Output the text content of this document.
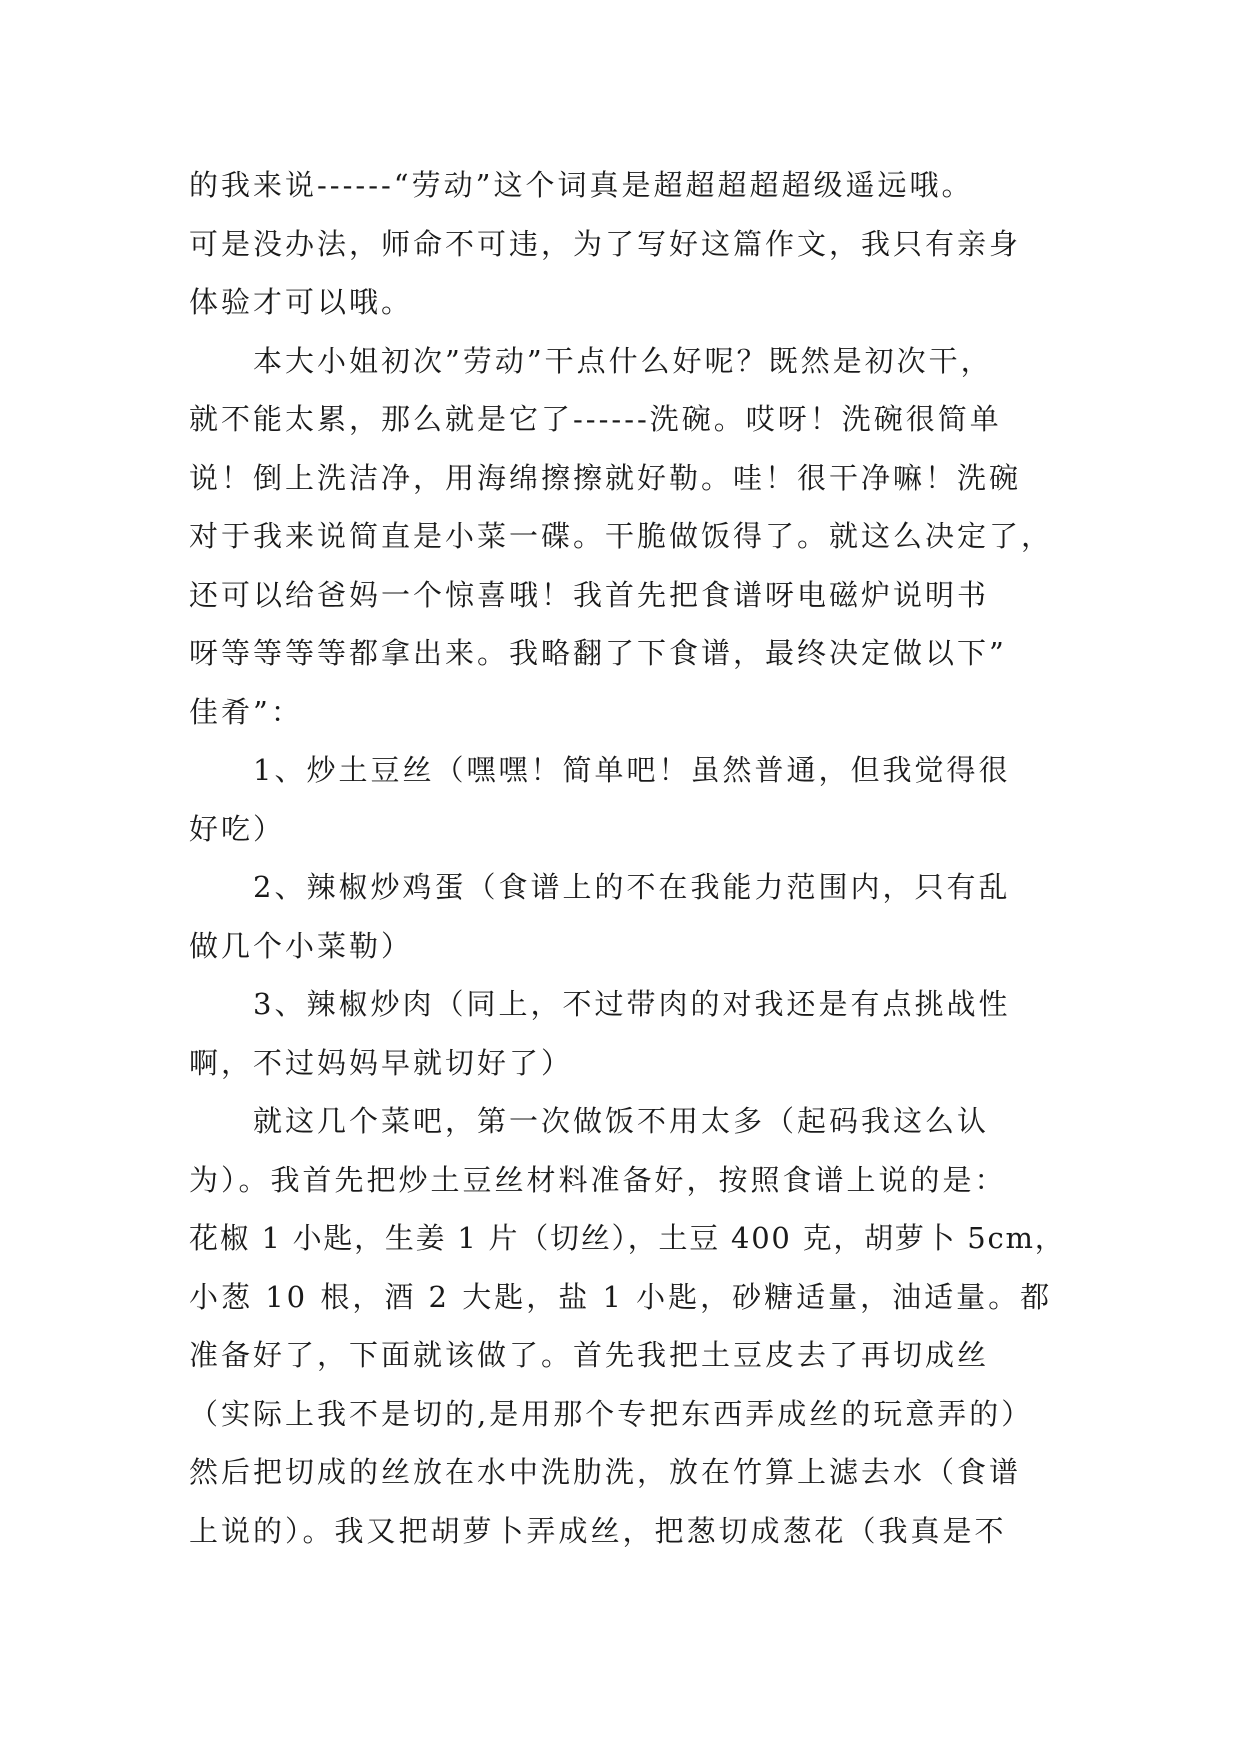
的我来说------“劳动”这个词真是超超超超超级遥远哦。
可是没办法，师命不可违，为了写好这篇作文，我只有亲身
体验才可以哦。
本大小姐初次”劳动”干点什么好呢？既然是初次干，
就不能太累，那么就是它了------洗碗。哎呀！洗碗很简单
说！倒上洗洁净，用海绵擦擦就好勒。哇！很干净嘛！洗碗
对于我来说简直是小菜一碟。干脆做饭得了。就这么决定了，
还可以给爸妈一个惊喜哦！我首先把食谱呀电磁炉说明书
呀等等等等都拿出来。我略翻了下食谱，最终决定做以下”
佳肴”：
1、炒土豆丝（嘿嘿！简单吧！虽然普通，但我觉得很
好吃）
2、辣椒炒鸡蛋（食谱上的不在我能力范围内，只有乱
做几个小菜勒）
3、辣椒炒肉（同上，不过带肉的对我还是有点挑战性
啊，不过妈妈早就切好了）
就这几个菜吧，第一次做饭不用太多（起码我这么认
为）。我首先把炒土豆丝材料准备好，按照食谱上说的是：
花椒 1 小匙，生姜 1 片（切丝），土豆 400 克，胡萝卜 5cm，
小葱 10 根，酒 2 大匙，盐 1 小匙，砂糖适量，油适量。都
准备好了，下面就该做了。首先我把土豆皮去了再切成丝
（实际上我不是切的,是用那个专把东西弄成丝的玩意弄的）
然后把切成的丝放在水中洗肋洗，放在竹算上滤去水（食谱
上说的）。我又把胡萝卜弄成丝，把葱切成葱花（我真是不
